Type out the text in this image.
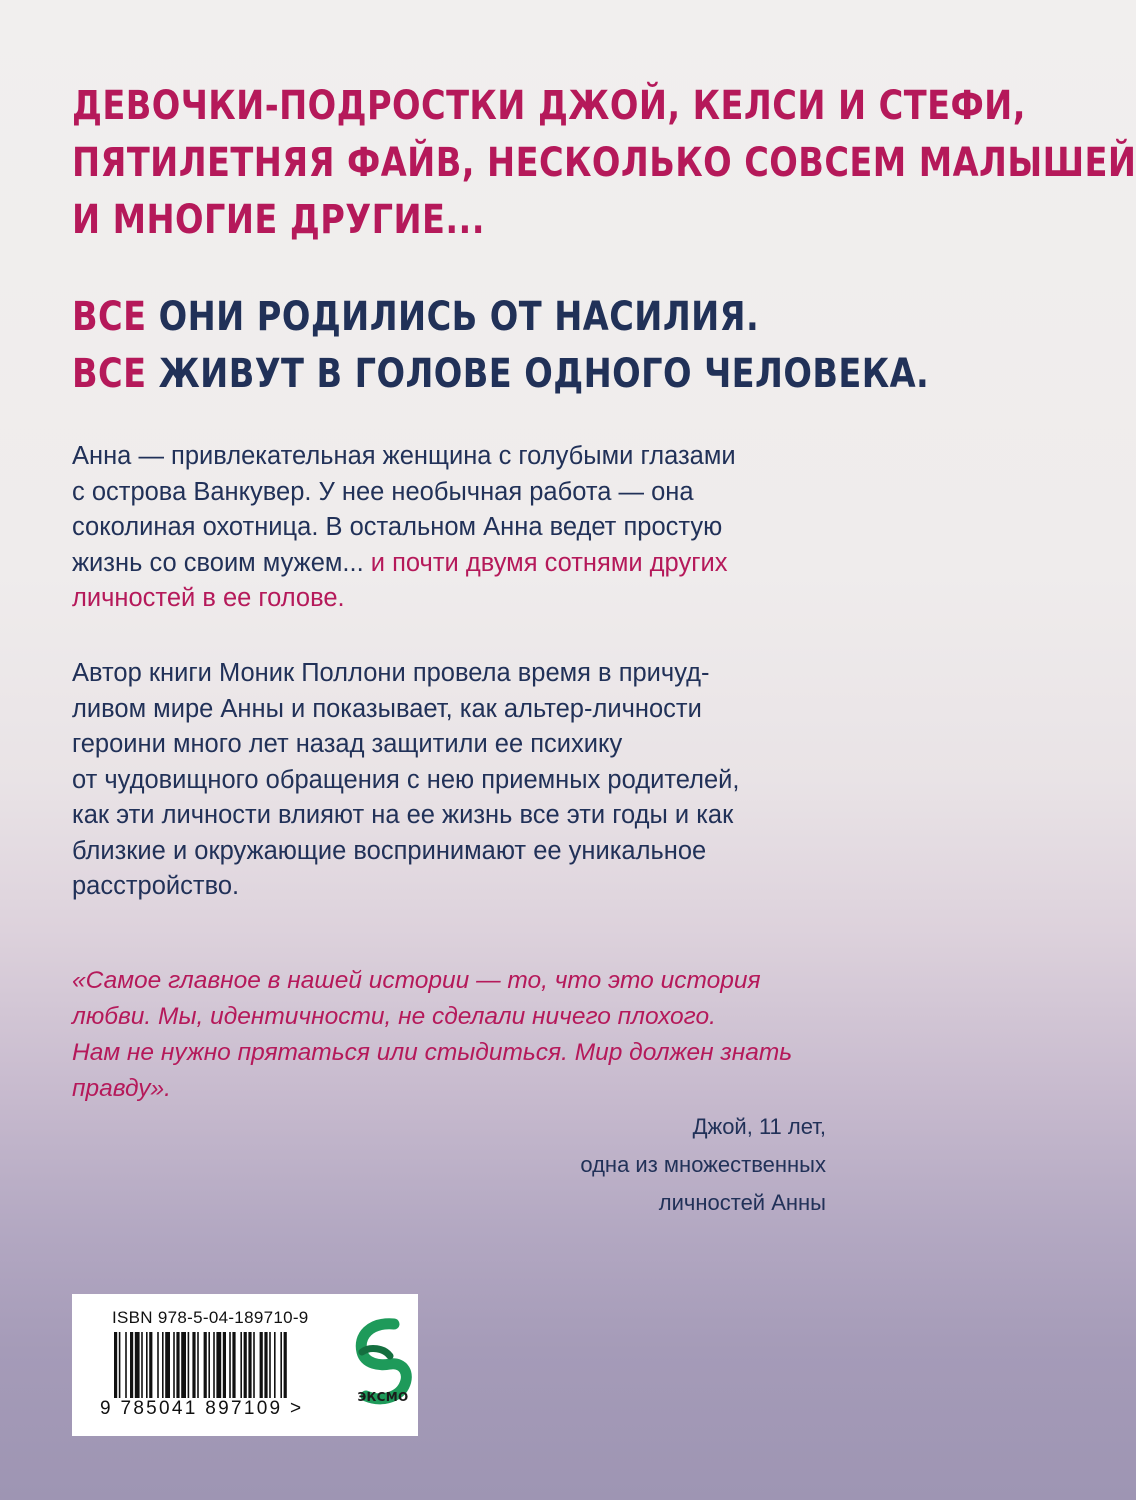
ДЕВОЧКИ-ПОДРОСТКИ ДЖОЙ, КЕЛСИ И СТЕФИ,
ПЯТИЛЕТНЯЯ ФАЙВ, НЕСКОЛЬКО СОВСЕМ МАЛЫШЕЙ
И МНОГИЕ ДРУГИЕ...
ВСЕ ОНИ РОДИЛИСЬ ОТ НАСИЛИЯ.
ВСЕ ЖИВУТ В ГОЛОВЕ ОДНОГО ЧЕЛОВЕКА.

Анна — привлекательная женщина с голубыми глазами
с острова Ванкувер. У нее необычная работа — она
соколиная охотница. В остальном Анна ведет простую
жизнь со своим мужем... и почти двумя сотнями других
личностей в ее голове.

Автор книги Моник Поллони провела время в причуд-
ливом мире Анны и показывает, как альтер-личности
героини много лет назад защитили ее психику
от чудовищного обращения с нею приемных родителей,
как эти личности влияют на ее жизнь все эти годы и как
близкие и окружающие воспринимают ее уникальное
расстройство.

«Самое главное в нашей истории — то, что это история
любви. Мы, идентичности, не сделали ничего плохого.
Нам не нужно прятаться или стыдиться. Мир должен знать
правду».

Джой, 11 лет,
одна из множественных
личностей Анны

ISBN 978-5-04-189710-9
9 785041 897109 >
ЭКСМО
